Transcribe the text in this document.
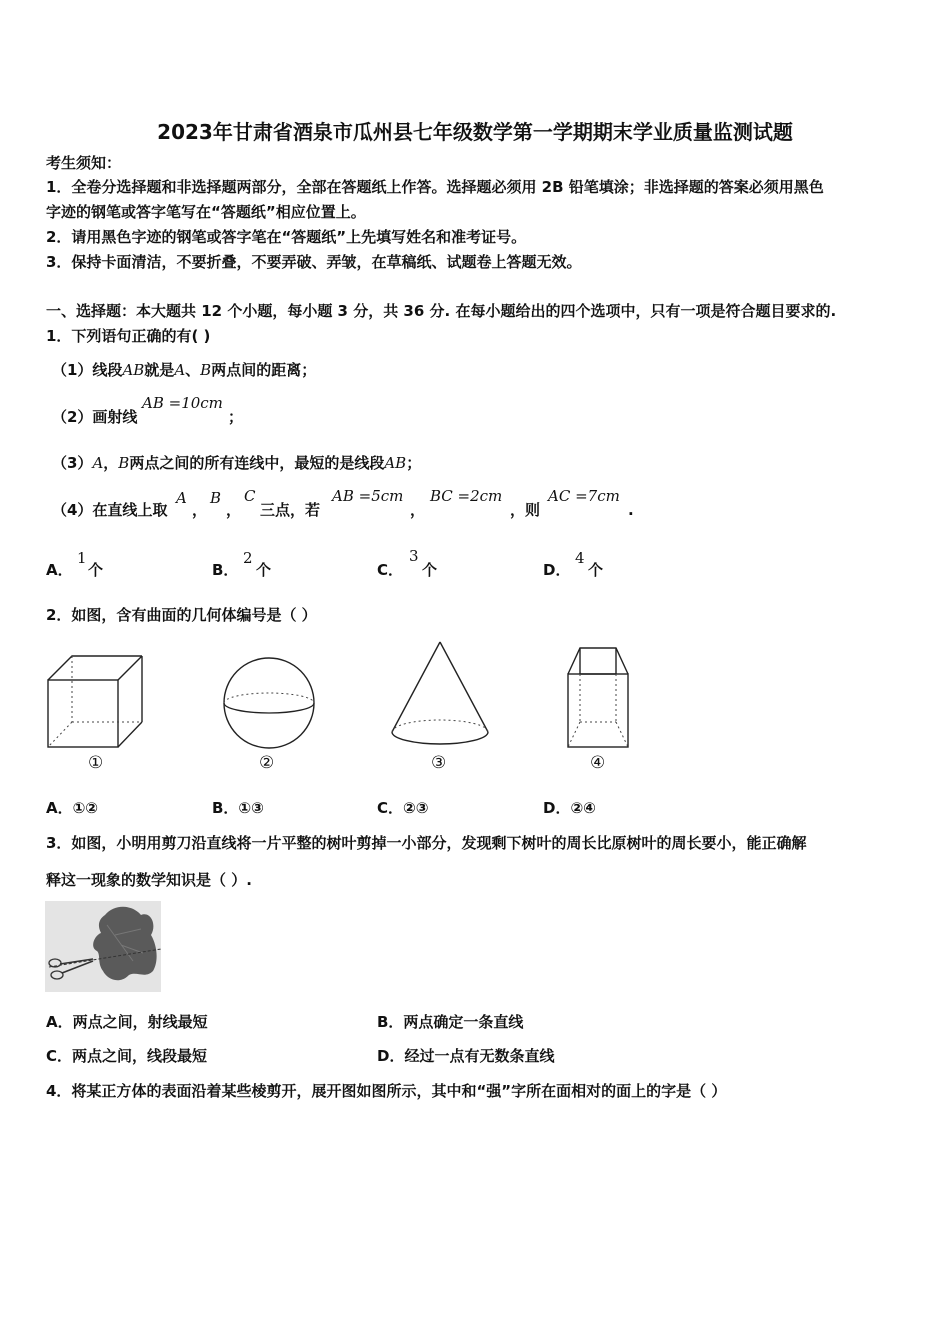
2023年甘肃省酒泉市瓜州县七年级数学第一学期期末学业质量监测试题
考生须知：
1．全卷分选择题和非选择题两部分，全部在答题纸上作答。选择题必须用 2B 铅笔填涂；非选择题的答案必须用黑色
字迹的钢笔或答字笔写在“答题纸”相应位置上。
2．请用黑色字迹的钢笔或答字笔在“答题纸”上先填写姓名和准考证号。
3．保持卡面清洁，不要折叠，不要弄破、弄皱，在草稿纸、试题卷上答题无效。
一、选择题：本大题共 12 个小题，每小题 3 分，共 36 分. 在每小题给出的四个选项中，只有一项是符合题目要求的.
1．下列语句正确的有( )
（1）线段AB就是A、B两点间的距离；
（2）画射线
AB =10cm
；
（3）A，B两点之间的所有连线中，最短的是线段AB；
（4）在直线上取
A
，
B
，
C
三点，若
AB =5cm
，
BC =2cm
，则
AC =7cm
.
A．
1
个	B．
2
个	C．
3
个	D．
4
个
2．如图，含有曲面的几何体编号是（ ）
①	②	③	④
A．①②	B．①③	C．②③	D．②④
3．如图，小明用剪刀沿直线将一片平整的树叶剪掉一小部分，发现剩下树叶的周长比原树叶的周长要小，能正确解
释这一现象的数学知识是（ ）.
A．两点之间，射线最短	B．两点确定一条直线
C．两点之间，线段最短	D．经过一点有无数条直线
4．将某正方体的表面沿着某些棱剪开，展开图如图所示，其中和“强”字所在面相对的面上的字是（ ）
